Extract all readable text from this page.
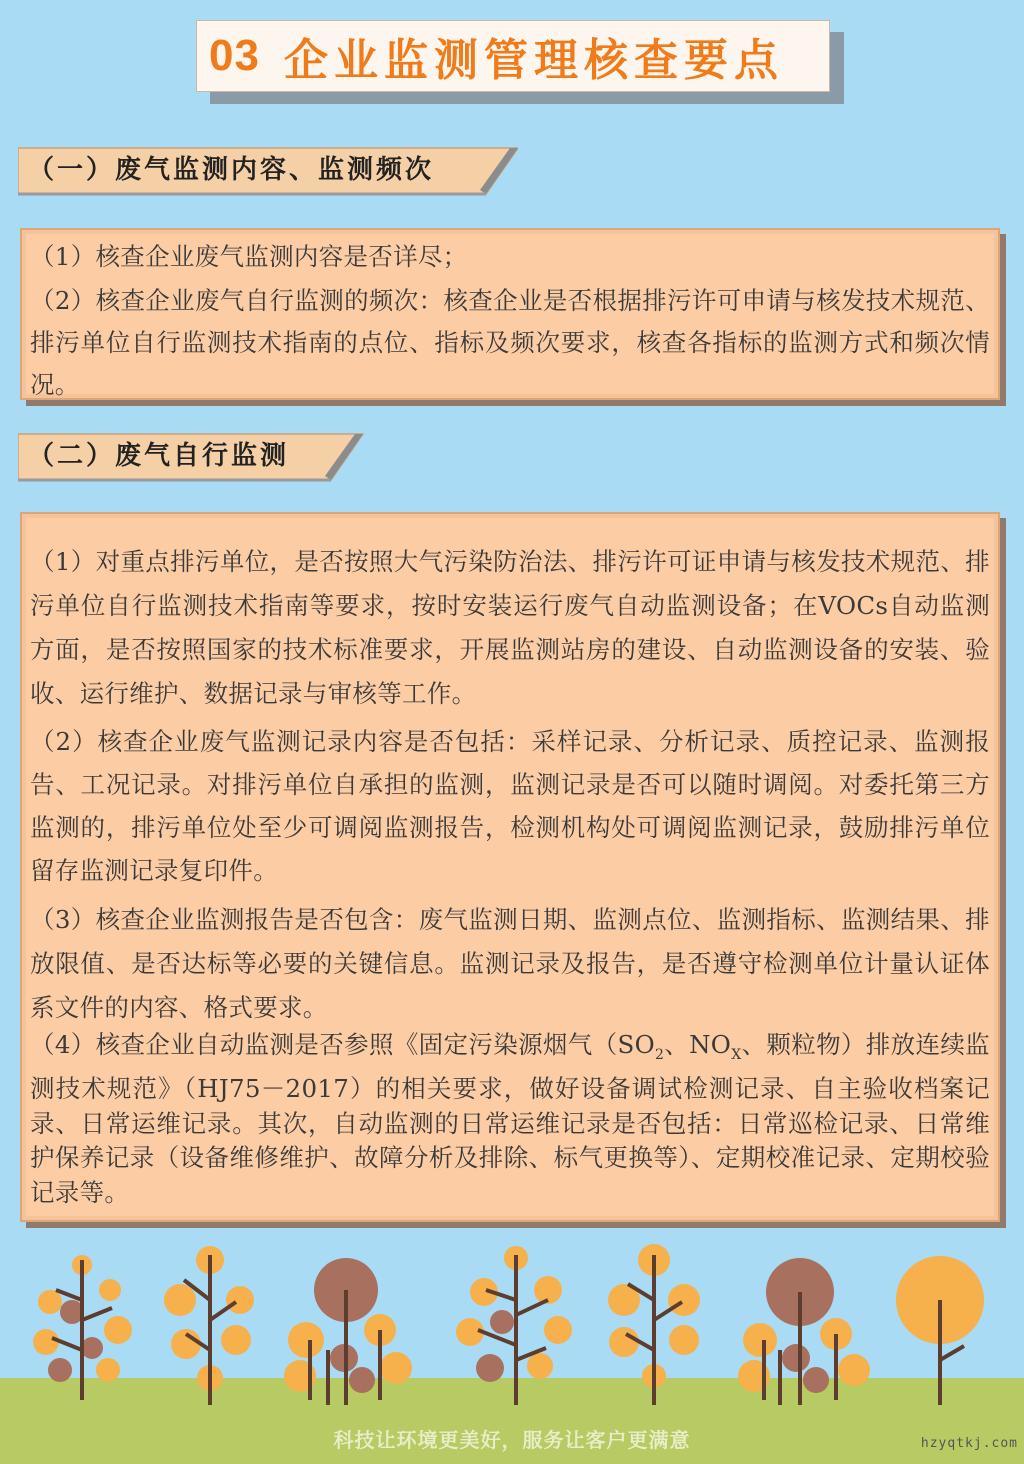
03 企业监测管理核查要点
（一）废气监测内容、监测频次
（1）核查企业废气监测内容是否详尽；
（2）核查企业废气自行监测的频次：核查企业是否根据排污许可申请与核发技术规范、排污单位自行监测技术指南的点位、指标及频次要求，核查各指标的监测方式和频次情况。
（二）废气自行监测
（1）对重点排污单位，是否按照大气污染防治法、排污许可证申请与核发技术规范、排污单位自行监测技术指南等要求，按时安装运行废气自动监测设备；在VOCs自动监测方面，是否按照国家的技术标准要求，开展监测站房的建设、自动监测设备的安装、验收、运行维护、数据记录与审核等工作。
（2）核查企业废气监测记录内容是否包括：采样记录、分析记录、质控记录、监测报告、工况记录。对排污单位自承担的监测，监测记录是否可以随时调阅。对委托第三方监测的，排污单位处至少可调阅监测报告，检测机构处可调阅监测记录，鼓励排污单位留存监测记录复印件。
（3）核查企业监测报告是否包含：废气监测日期、监测点位、监测指标、监测结果、排放限值、是否达标等必要的关键信息。监测记录及报告，是否遵守检测单位计量认证体系文件的内容、格式要求。
（4）核查企业自动监测是否参照《固定污染源烟气（$SO_2$、$NO_X$、颗粒物）排放连续监测技术规范》（HJ75－2017）的相关要求，做好设备调试检测记录、自主验收档案记录、日常运维记录。其次，自动监测的日常运维记录是否包括：日常巡检记录、日常维护保养记录（设备维修维护、故障分析及排除、标气更换等）、定期校准记录、定期校验记录等。
科技让环境更美好，服务让客户更满意	hzyqtkj.com
